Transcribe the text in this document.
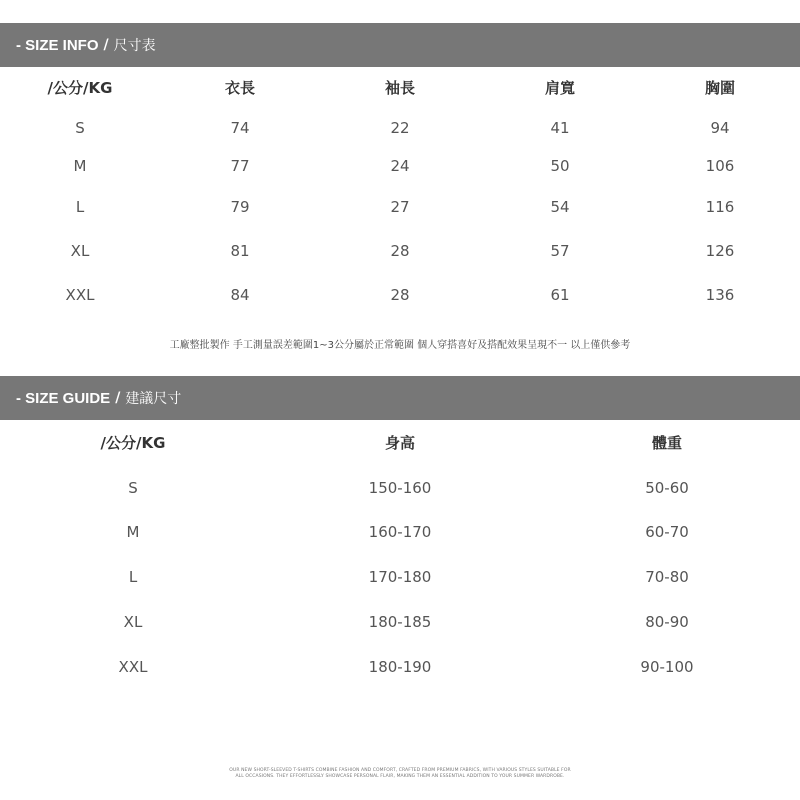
- SIZE INFO / 尺寸表
/公分/KG	衣長	袖長	肩寬	胸圍
S	74	22	41	94
M	77	24	50	106
L	79	27	54	116
XL	81	28	57	126
XXL	84	28	61	136
工廠整批製作 手工測量誤差範圍1~3公分屬於正常範圍 個人穿搭喜好及搭配效果呈現不一 以上僅供參考
- SIZE GUIDE / 建議尺寸
/公分/KG	身高	體重
S	150-160	50-60
M	160-170	60-70
L	170-180	70-80
XL	180-185	80-90
XXL	180-190	90-100
OUR NEW SHORT-SLEEVED T-SHIRTS COMBINE FASHION AND COMFORT, CRAFTED FROM PREMIUM FABRICS, WITH VARIOUS STYLES SUITABLE FOR
ALL OCCASIONS. THEY EFFORTLESSLY SHOWCASE PERSONAL FLAIR, MAKING THEM AN ESSENTIAL ADDITION TO YOUR SUMMER WARDROBE.
